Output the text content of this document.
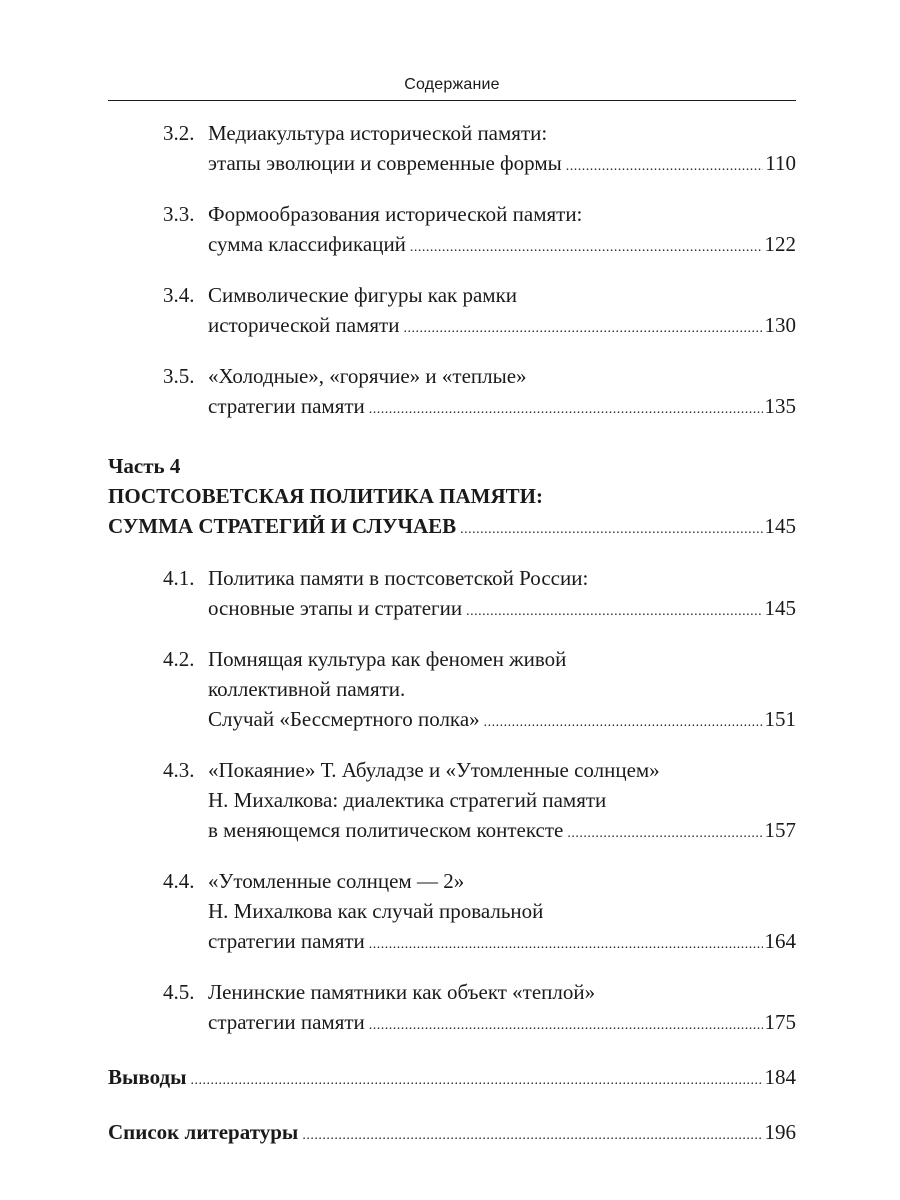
Содержание
3.2. Медиакультура исторической памяти:
этапы эволюции и современные формы .....	110
3.3. Формообразования исторической памяти:
сумма классификаций .....	122
3.4. Символические фигуры как рамки
исторической памяти .....	130
3.5. «Холодные», «горячие» и «теплые»
стратегии памяти .....	135
Часть 4
ПОСТСОВЕТСКАЯ ПОЛИТИКА ПАМЯТИ:
СУММА СТРАТЕГИЙ И СЛУЧАЕВ .....	145
4.1. Политика памяти в постсоветской России:
основные этапы и стратегии .....	145
4.2. Помнящая культура как феномен живой
коллективной памяти.
Случай «Бессмертного полка» .....	151
4.3. «Покаяние» Т. Абуладзе и «Утомленные солнцем»
Н. Михалкова: диалектика стратегий памяти
в меняющемся политическом контексте .....	157
4.4. «Утомленные солнцем — 2»
Н. Михалкова как случай провальной
стратегии памяти .....	164
4.5. Ленинские памятники как объект «теплой»
стратегии памяти .....	175
Выводы .....	184
Список литературы .....	196
